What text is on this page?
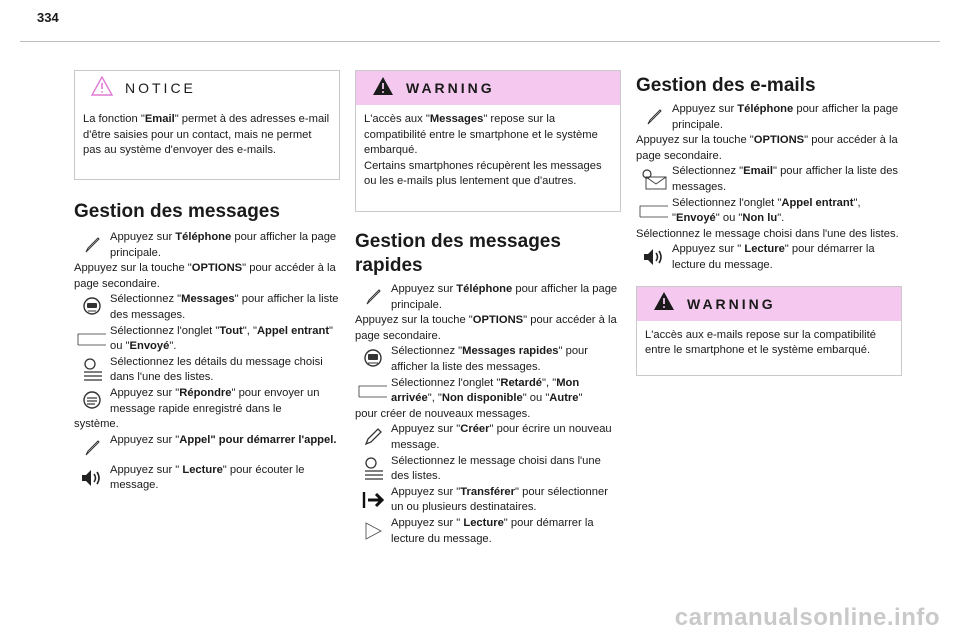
334
NOTICE
La fonction "Email" permet à des adresses e-mail d'être saisies pour un contact, mais ne permet pas au système d'envoyer des e-mails.
Gestion des messages
Appuyez sur Téléphone pour afficher la page principale.
Appuyez sur la touche "OPTIONS" pour accéder à la page secondaire.
Sélectionnez "Messages" pour afficher la liste des messages.
Sélectionnez l'onglet "Tout", "Appel entrant" ou "Envoyé".
Sélectionnez les détails du message choisi dans l'une des listes.
Appuyez sur "Répondre" pour envoyer un message rapide enregistré dans le
système.
Appuyez sur "Appel" pour démarrer l'appel.
Appuyez sur " Lecture" pour écouter le message.
WARNING
L'accès aux "Messages" repose sur la compatibilité entre le smartphone et le système embarqué.
Certains smartphones récupèrent les messages ou les e-mails plus lentement que d'autres.
Gestion des messages rapides
Appuyez sur Téléphone pour afficher la page principale.
Appuyez sur la touche "OPTIONS" pour accéder à la page secondaire.
Sélectionnez "Messages rapides" pour afficher la liste des messages.
Sélectionnez l'onglet "Retardé", "Mon arrivée", "Non disponible" ou "Autre"
pour créer de nouveaux messages.
Appuyez sur "Créer" pour écrire un nouveau message.
Sélectionnez le message choisi dans l'une des listes.
Appuyez sur "Transférer" pour sélectionner un ou plusieurs destinataires.
Appuyez sur " Lecture" pour démarrer la lecture du message.
Gestion des e-mails
Appuyez sur Téléphone pour afficher la page principale.
Appuyez sur la touche "OPTIONS" pour accéder à la page secondaire.
Sélectionnez "Email" pour afficher la liste des messages.
Sélectionnez l'onglet "Appel entrant", "Envoyé" ou "Non lu".
Sélectionnez le message choisi dans l'une des listes.
Appuyez sur " Lecture" pour démarrer la lecture du message.
WARNING
L'accès aux e-mails repose sur la compatibilité entre le smartphone et le système embarqué.
carmanualsonline.info
